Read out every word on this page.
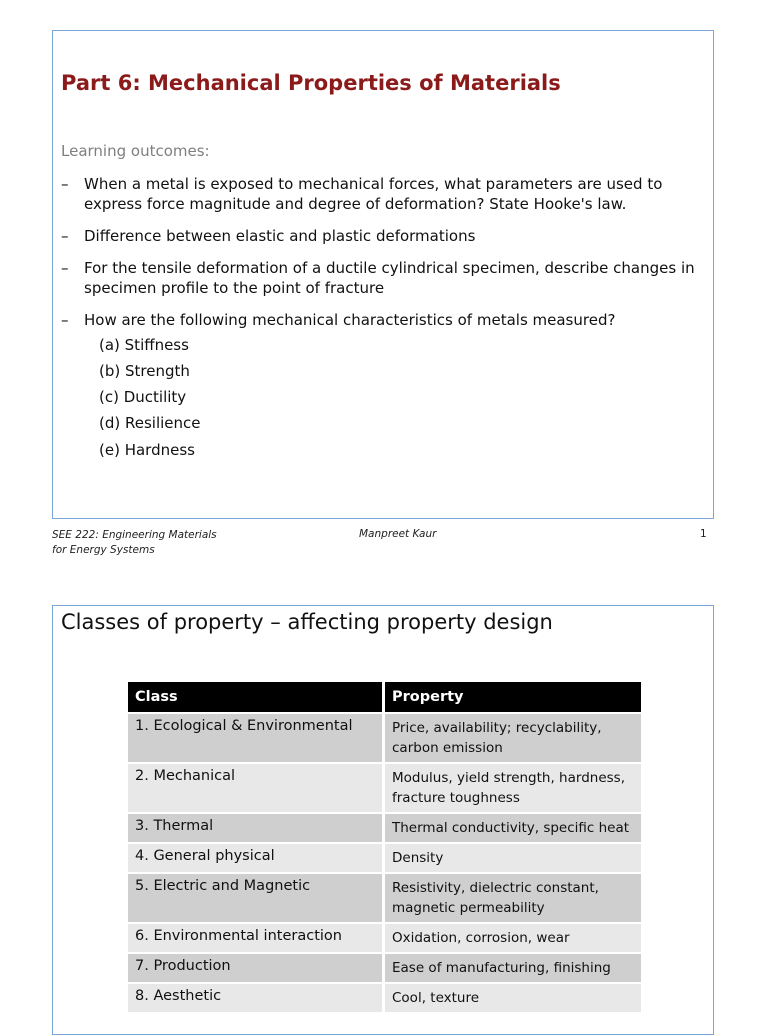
Part 6: Mechanical Properties of Materials
Learning outcomes:
–	When a metal is exposed to mechanical forces, what parameters are used to express force magnitude and degree of deformation? State Hooke's law.
–	Difference between elastic and plastic deformations
–	For the tensile deformation of a ductile cylindrical specimen, describe changes in specimen profile to the point of fracture
–	How are the following mechanical characteristics of metals measured?
(a) Stiffness
(b) Strength
(c) Ductility
(d) Resilience
(e) Hardness
SEE 222: Engineering Materials
for Energy Systems
Manpreet Kaur	1
Classes of property – affecting property design
Class	Property
1. Ecological & Environmental	Price, availability; recyclability, carbon emission
2. Mechanical	Modulus, yield strength, hardness, fracture toughness
3. Thermal	Thermal conductivity, specific heat
4. General physical	Density
5. Electric and Magnetic	Resistivity, dielectric constant, magnetic permeability
6. Environmental interaction	Oxidation, corrosion, wear
7. Production	Ease of manufacturing, finishing
8. Aesthetic	Cool, texture
